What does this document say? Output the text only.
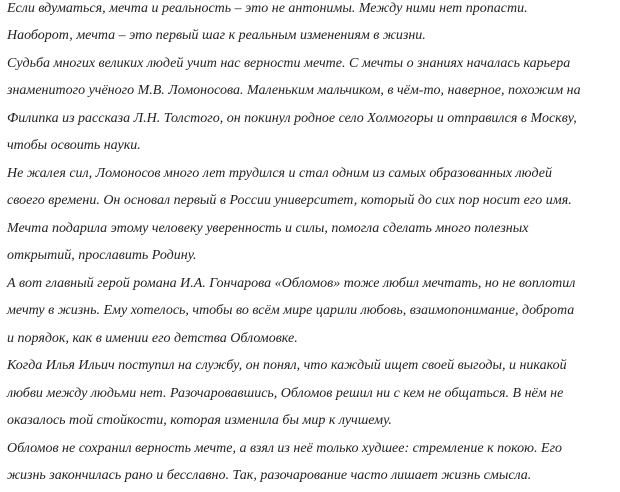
Если вдуматься, мечта и реальность – это не антонимы. Между ними нет пропасти.
Наоборот, мечта – это первый шаг к реальным изменениям в жизни.
Судьба многих великих людей учит нас верности мечте. С мечты о знаниях началась карьера
знаменитого учёного М.В. Ломоносова. Маленьким мальчиком, в чём-то, наверное, похожим на
Филипка из рассказа Л.Н. Толстого, он покинул родное село Холмогоры и отправился в Москву,
чтобы освоить науки.
Не жалея сил, Ломоносов много лет трудился и стал одним из самых образованных людей
своего времени. Он основал первый в России университет, который до сих пор носит его имя.
Мечта подарила этому человеку уверенность и силы, помогла сделать много полезных
открытий, прославить Родину.
А вот главный герой романа И.А. Гончарова «Обломов» тоже любил мечтать, но не воплотил
мечту в жизнь. Ему хотелось, чтобы во всём мире царили любовь, взаимопонимание, доброта
и порядок, как в имении его детства Обломовке.
Когда Илья Ильич поступил на службу, он понял, что каждый ищет своей выгоды, и никакой
любви между людьми нет. Разочаровавшись, Обломов решил ни с кем не общаться. В нём не
оказалось той стойкости, которая изменила бы мир к лучшему.
Обломов не сохранил верность мечте, а взял из неё только худшее: стремление к покою. Его
жизнь закончилась рано и бесславно. Так, разочарование часто лишает жизнь смысла.
